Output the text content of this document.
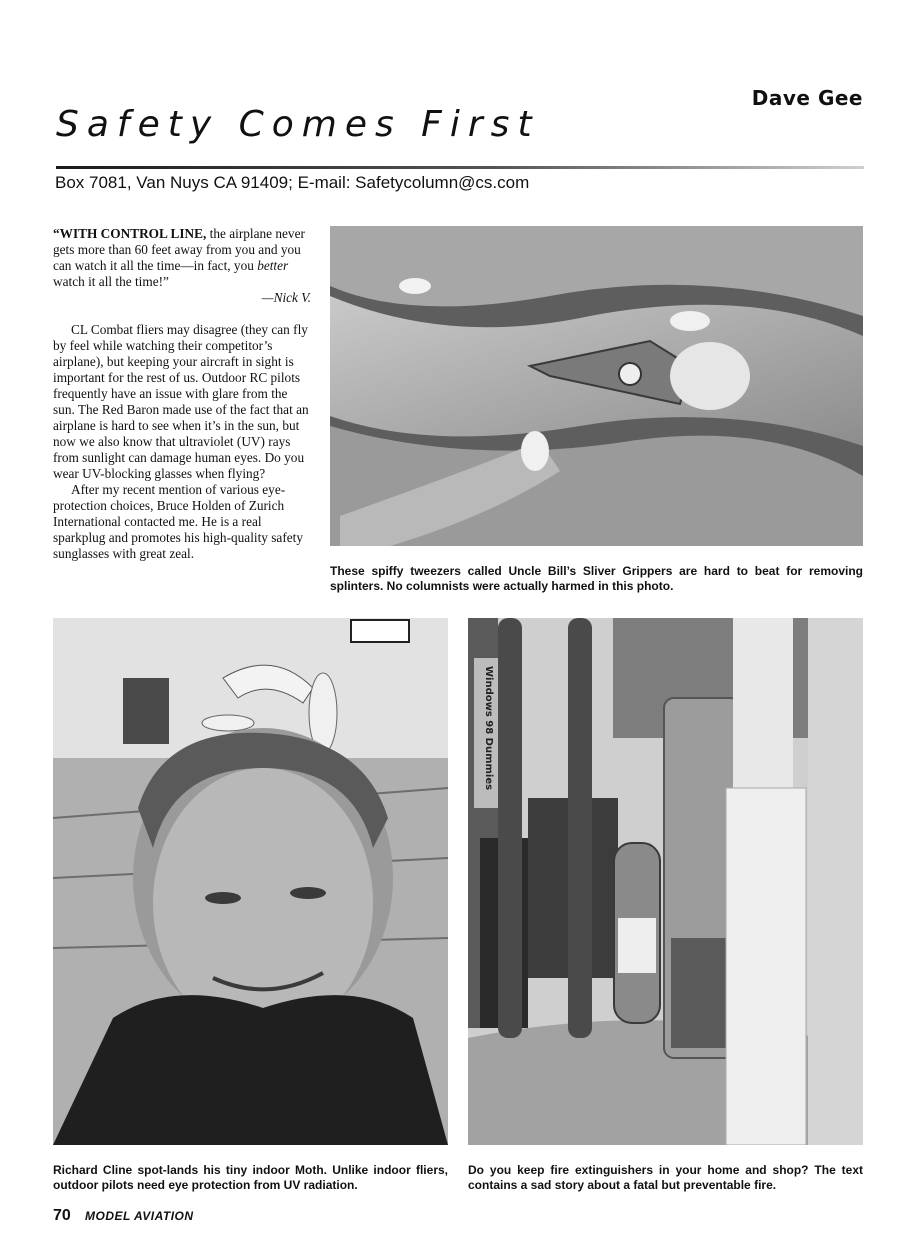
Dave Gee
Safety Comes First
Box 7081, Van Nuys CA 91409; E-mail: Safetycolumn@cs.com

“WITH CONTROL LINE, the airplane never gets more than 60 feet away from you and you can watch it all the time—in fact, you better watch it all the time!”

—Nick V.

CL Combat fliers may disagree (they can fly by feel while watching their competitor’s airplane), but keeping your aircraft in sight is important for the rest of us. Outdoor RC pilots frequently have an issue with glare from the sun. The Red Baron made use of the fact that an airplane is hard to see when it’s in the sun, but now we also know that ultraviolet (UV) rays from sunlight can damage human eyes. Do you wear UV-blocking glasses when flying?

After my recent mention of various eye-protection choices, Bruce Holden of Zurich International contacted me. He is a real sparkplug and promotes his high-quality safety sunglasses with great zeal.

These spiffy tweezers called Uncle Bill’s Sliver Grippers are hard to beat for removing splinters. No columnists were actually harmed in this photo.
Richard Cline spot-lands his tiny indoor Moth. Unlike indoor fliers, outdoor pilots need eye protection from UV radiation.
Windows 98 Dummies
Do you keep fire extinguishers in your home and shop? The text contains a sad story about a fatal but preventable fire.
70 MODEL AVIATION
